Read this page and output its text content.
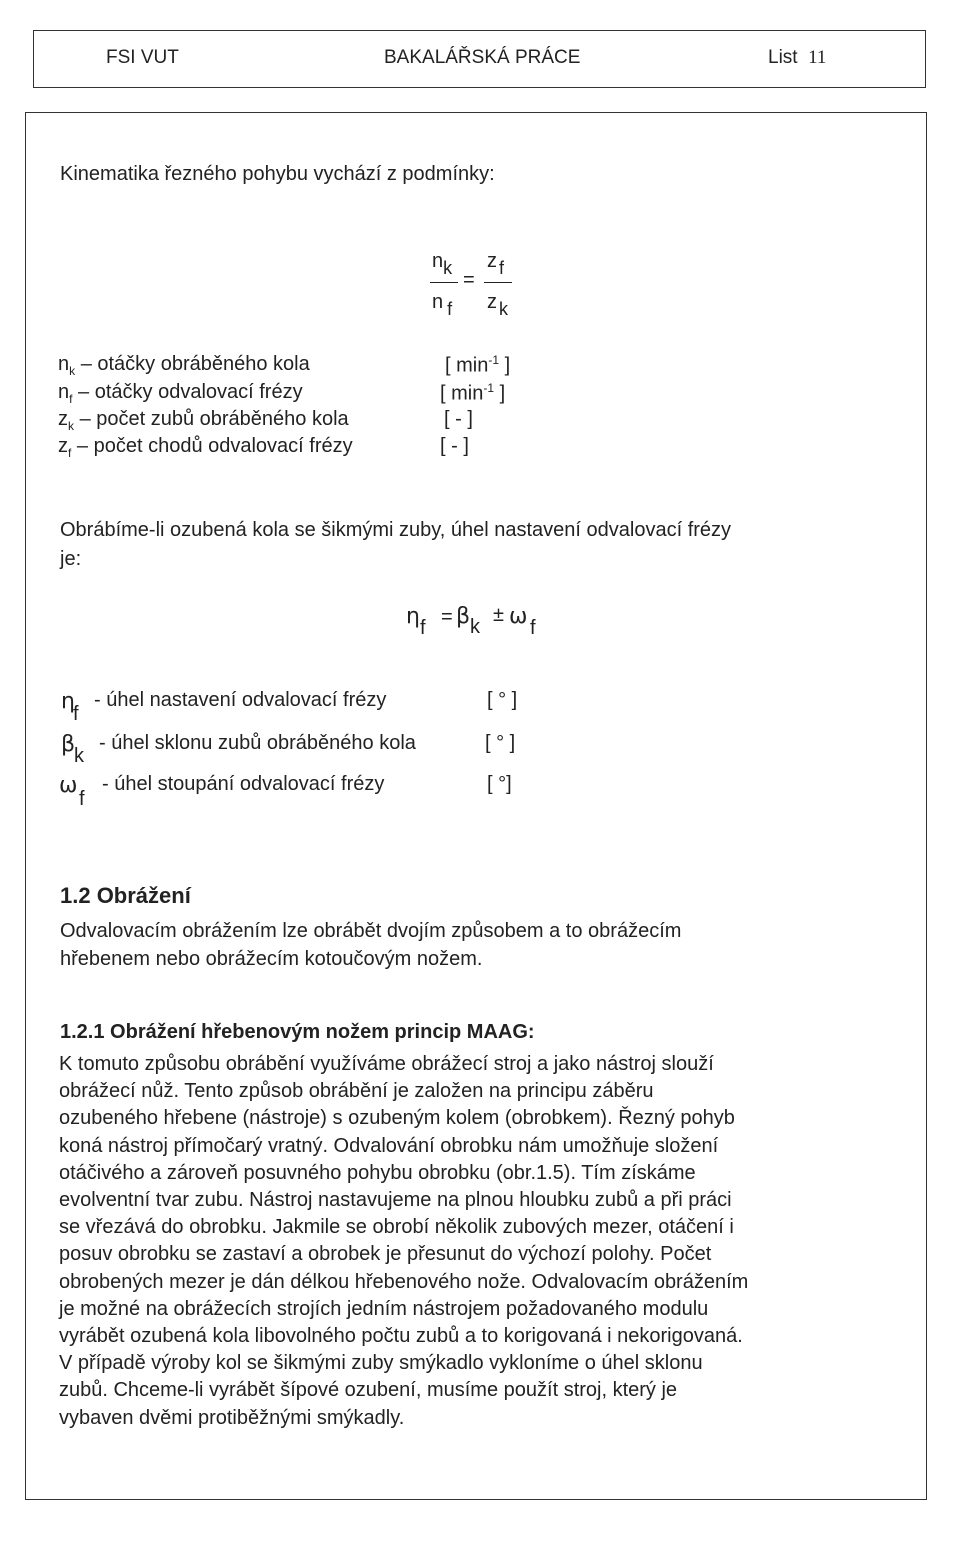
FSI VUT	BAKALÁŘSKÁ PRÁCE	List 11
Kinematika řezného pohybu vychází z podmínky:
nk
n f
=
z f
z k
$n_k$ – otáčky obráběného kola	[ $\min^{-1}$ ]
$n_f$ – otáčky odvalovací frézy	[ $\min^{-1}$ ]
$z_k$ – počet zubů obráběného kola	[ - ]
$z_f$ – počet chodů odvalovací frézy	[ - ]
Obrábíme-li ozubená kola se šikmými zuby, úhel nastavení odvalovací frézy
je:
η f = β k
± ω f
η
f
- úhel nastavení odvalovací frézy	[ ° ]
β
k
- úhel sklonu zubů obráběného kola	[ ° ]
ω
f
- úhel stoupání odvalovací frézy	[ °]
1.2 Obrážení
Odvalovacím obrážením lze obrábět dvojím způsobem a to obrážecím
hřebenem nebo obrážecím kotoučovým nožem.
1.2.1 Obrážení hřebenovým nožem princip MAAG:
K tomuto způsobu obrábění využíváme obrážecí stroj a jako nástroj slouží
obrážecí nůž. Tento způsob obrábění je založen na principu záběru
ozubeného hřebene (nástroje) s ozubeným kolem (obrobkem). Řezný pohyb
koná nástroj přímočarý vratný. Odvalování obrobku nám umožňuje složení
otáčivého a zároveň posuvného pohybu obrobku (obr.1.5). Tím získáme
evolventní tvar zubu. Nástroj nastavujeme na plnou hloubku zubů a při práci
se vřezává do obrobku. Jakmile se obrobí několik zubových mezer, otáčení i
posuv obrobku se zastaví a obrobek je přesunut do výchozí polohy. Počet
obrobených mezer je dán délkou hřebenového nože. Odvalovacím obrážením
je možné na obrážecích strojích jedním nástrojem požadovaného modulu
vyrábět ozubená kola libovolného počtu zubů a to korigovaná i nekorigovaná.
V případě výroby kol se šikmými zuby smýkadlo vykloníme o úhel sklonu
zubů. Chceme-li vyrábět šípové ozubení, musíme použít stroj, který je
vybaven dvěmi protiběžnými smýkadly.
